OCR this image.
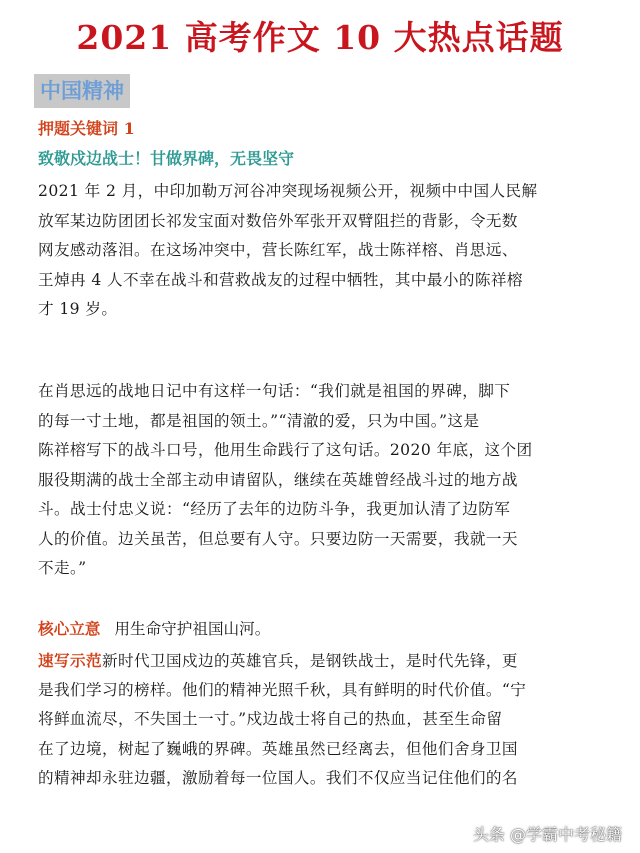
2021 高考作文 10 大热点话题
中国精神
押题关键词 1
致敬戍边战士！甘做界碑，无畏坚守
2021 年 2 月，中印加勒万河谷冲突现场视频公开，视频中中国人民解
放军某边防团团长祁发宝面对数倍外军张开双臂阻拦的背影，令无数
网友感动落泪。在这场冲突中，营长陈红军，战士陈祥榕、肖思远、
王焯冉 4 人不幸在战斗和营救战友的过程中牺牲，其中最小的陈祥榕
才 19 岁。
在肖思远的战地日记中有这样一句话：“我们就是祖国的界碑，脚下
的每一寸土地，都是祖国的领土。”“清澈的爱，只为中国。”这是
陈祥榕写下的战斗口号，他用生命践行了这句话。2020 年底，这个团
服役期满的战士全部主动申请留队，继续在英雄曾经战斗过的地方战
斗。战士付忠义说：“经历了去年的边防斗争，我更加认清了边防军
人的价值。边关虽苦，但总要有人守。只要边防一天需要，我就一天
不走。”
核心立意 用生命守护祖国山河。
速写示范新时代卫国戍边的英雄官兵，是钢铁战士，是时代先锋，更
是我们学习的榜样。他们的精神光照千秋，具有鲜明的时代价值。“宁
将鲜血流尽，不失国土一寸。”戍边战士将自己的热血，甚至生命留
在了边境，树起了巍峨的界碑。英雄虽然已经离去，但他们舍身卫国
的精神却永驻边疆，激励着每一位国人。我们不仅应当记住他们的名
头条 @学霸中考秘籍
